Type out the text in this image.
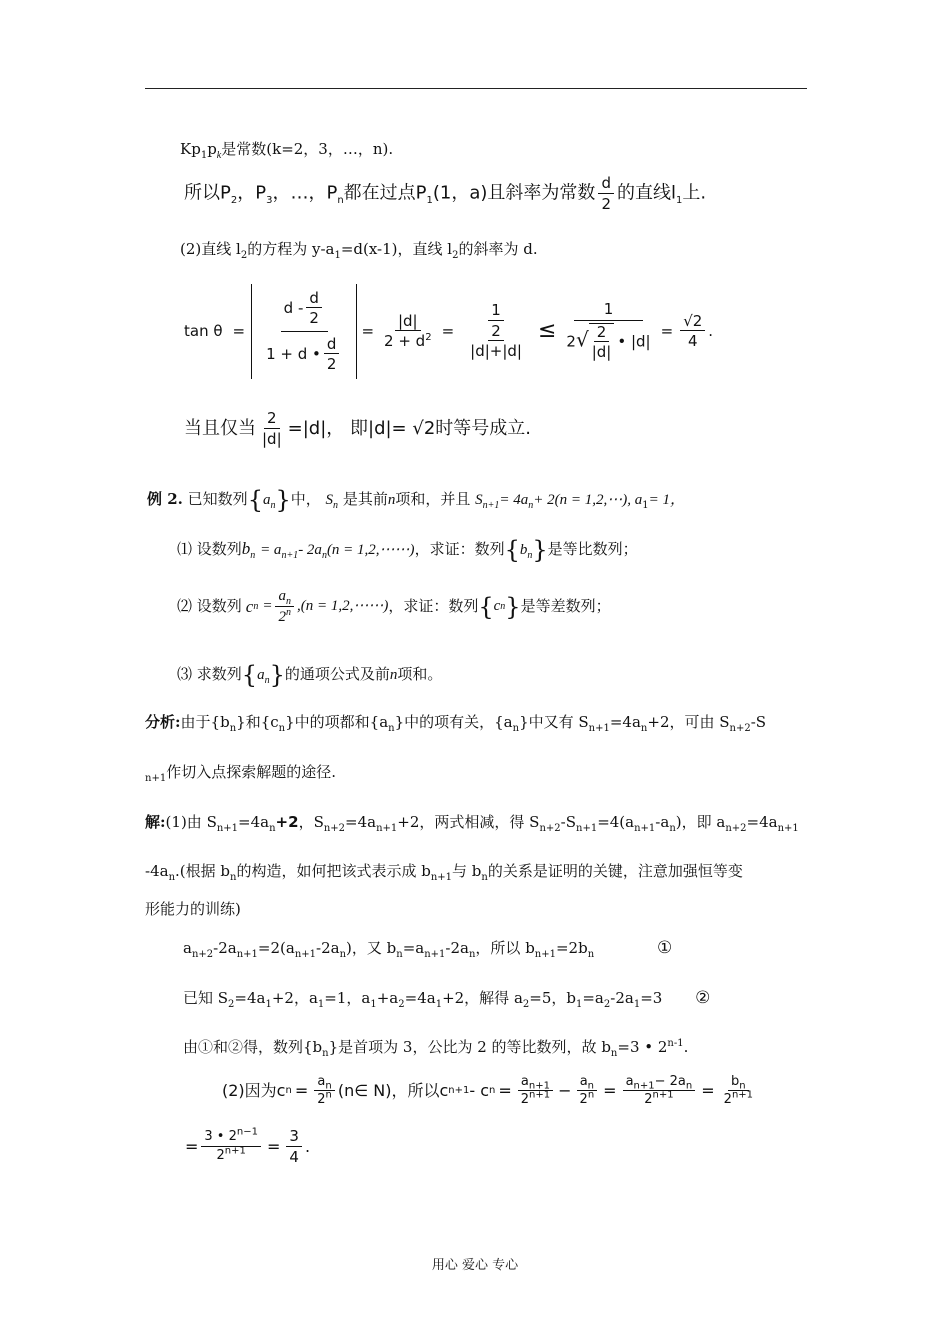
$Kp_1p_k$是常数(k=2，3，…，n).
所以$P_2$，$P_3$，…，$P_n$都在过点$P_1(1$，a)且斜率为常数 $\frac{d}{2}$ 的直线$l_1$上.
(2)直线 $l_2$的方程为 $y-a_1=d(x-1)$，直线 $l_2$的斜率为 d.
$\tan \theta = \frac{d - \frac{d}{2}}{1 + d • \frac{d}{2}} = \frac{|d|}{2 + d^2} = \frac{1}{\frac{2}{|d|+|d|}} \le \frac{1}{2√ \frac{2}{|d|} • |d|} = \frac{√2}{4}$ .
当且仅当 $\frac{2}{|d|} =|d|$， 即|d|= √2时等号成立.
例 2. 已知数列$\{a_n\}$中， $S_n$ 是其前n项和，并且 $S_{n+1}= 4a_n+ 2(n$ = 1,2,⋯), $a_1= 1$，
⑴ 设数列$b_n = a_{n+1}-$ $2a_n(n$ = 1,2,⋯⋯)，求证：数列$\{b_n\}$是等比数列；
⑵ 设数列 c $n = \frac{a_n}{2^n} ,(n$ = 1,2,⋯⋯) ，求证：数列 { c n } 是等差数列；
⑶ 求数列$\{a_n\}$的通项公式及前n项和。
分析:由于$\{b_n\}$和$\{c_n\}$中的项都和$\{a_n\}$中的项有关，$\{a_n\}$中又有 $S_{n+1}=4a_n+2$，可由 $S_{n+2}-S$
$_{n+1}$作切入点探索解题的途径.
解:(1)由 $S_{n+1}=4a_n+2$，$S_{n+2}=4a_{n+1}+2$，两式相减，得 $S_{n+2}-S_{n+1}=4(a_{n+1}-a_n)$，即 $a_{n+2}=4a_{n+1}$
$-4a_n$.(根据 $b_n$的构造，如何把该式表示成 $b_{n+1}$与 $b_n$的关系是证明的关键，注意加强恒等变
形能力的训练)
$a_{n+2}-2a_{n+1}=2(a_{n+1}-2a_n)$，又 $b_n=a_{n+1}-2a_n$，所以 $b_{n+1}=2b_n$	①
已知 $S_2=4a_1+2$，$a_1=1$，$a_1+a_2=4a_1+2$，解得 $a_2=5$，$b_1=a_2-2a_1=3$ ②
由①和②得，数列$\{b_n\}$是首项为 3，公比为 2 的等比数列，故 $b_n=3$ • 2$^{n-1}$.
(2)因为c $n = \frac{a_n}{2^n}$ (n∈ N)，所以c n+1 - c $n = \frac{a_{n+1}}{2^{n+1}} - \frac{a_n}{2^n} = \frac{a_{n+1}- 2a_n}{2^{n+1}} = \frac{b_n}{2^{n+1}}$
= $\frac{3 • 2^{n-1}}{2^{n+1}} = \frac{3}{4}$ .
用心 爱心 专心
